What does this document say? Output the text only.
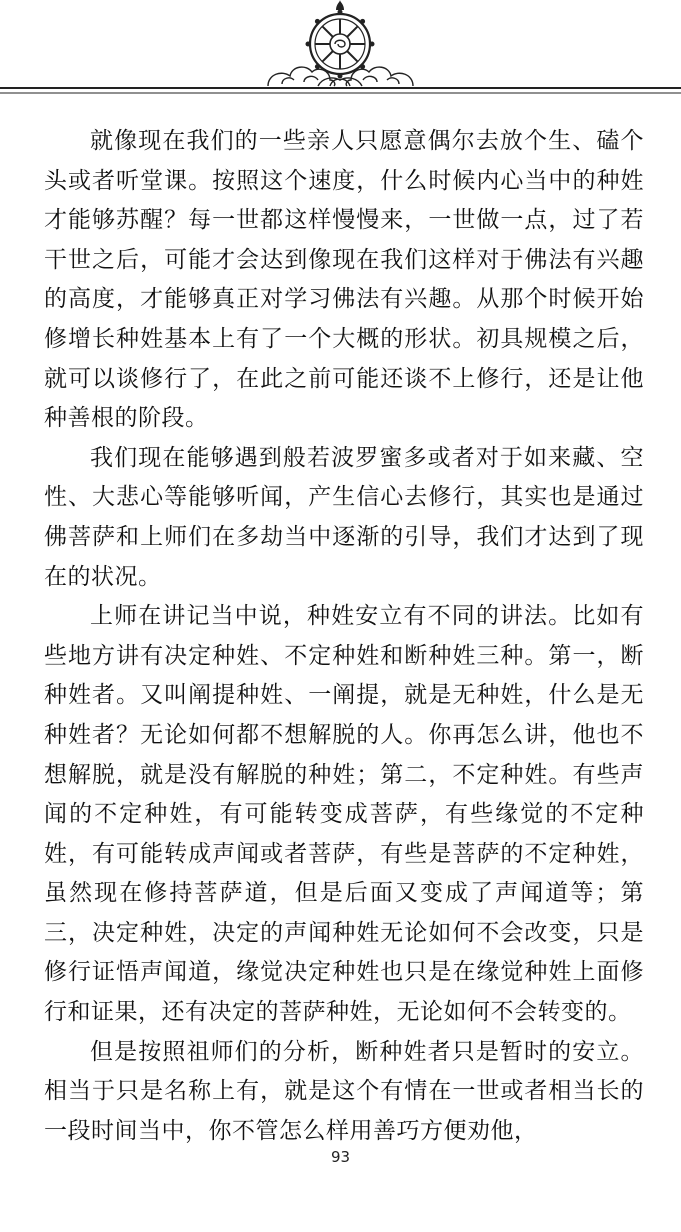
就像现在我们的一些亲人只愿意偶尔去放个生、磕个头或者听堂课。按照这个速度，什么时候内心当中的种姓才能够苏醒？每一世都这样慢慢来，一世做一点，过了若干世之后，可能才会达到像现在我们这样对于佛法有兴趣的高度，才能够真正对学习佛法有兴趣。从那个时候开始修增长种姓基本上有了一个大概的形状。初具规模之后，就可以谈修行了，在此之前可能还谈不上修行，还是让他种善根的阶段。

我们现在能够遇到般若波罗蜜多或者对于如来藏、空性、大悲心等能够听闻，产生信心去修行，其实也是通过佛菩萨和上师们在多劫当中逐渐的引导，我们才达到了现在的状况。

上师在讲记当中说，种姓安立有不同的讲法。比如有些地方讲有决定种姓、不定种姓和断种姓三种。第一，断种姓者。又叫阐提种姓、一阐提，就是无种姓，什么是无种姓者？无论如何都不想解脱的人。你再怎么讲，他也不想解脱，就是没有解脱的种姓；第二，不定种姓。有些声闻的不定种姓，有可能转变成菩萨，有些缘觉的不定种姓，有可能转成声闻或者菩萨，有些是菩萨的不定种姓，虽然现在修持菩萨道，但是后面又变成了声闻道等；第三，决定种姓，决定的声闻种姓无论如何不会改变，只是修行证悟声闻道，缘觉决定种姓也只是在缘觉种姓上面修行和证果，还有决定的菩萨种姓，无论如何不会转变的。

但是按照祖师们的分析，断种姓者只是暂时的安立。相当于只是名称上有，就是这个有情在一世或者相当长的一段时间当中，你不管怎么样用善巧方便劝他，

93
